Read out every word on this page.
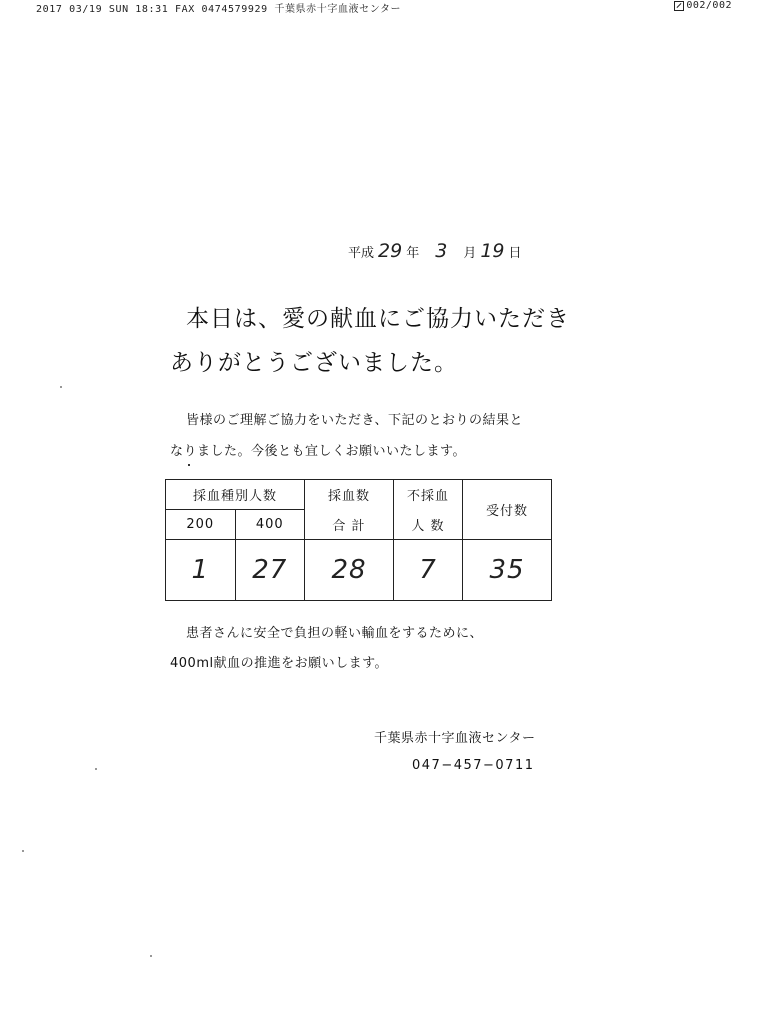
2017 03/19 SUN 18:31 FAX 0474579929 千葉県赤十字血液センター	002/002
平成 29 年 3 月 19 日
本日は、愛の献血にご協力いただき
ありがとうございました。
皆様のご理解ご協力をいただき、下記のとおりの結果と
なりました。今後とも宜しくお願いいたします。
採血種別人数		採血数	不採血	受付数
200	400	合 計	人 数	
1	27	28	7	35
患者さんに安全で負担の軽い輸血をするために、
400ml献血の推進をお願いします。
千葉県赤十字血液センター
047−457−0711
